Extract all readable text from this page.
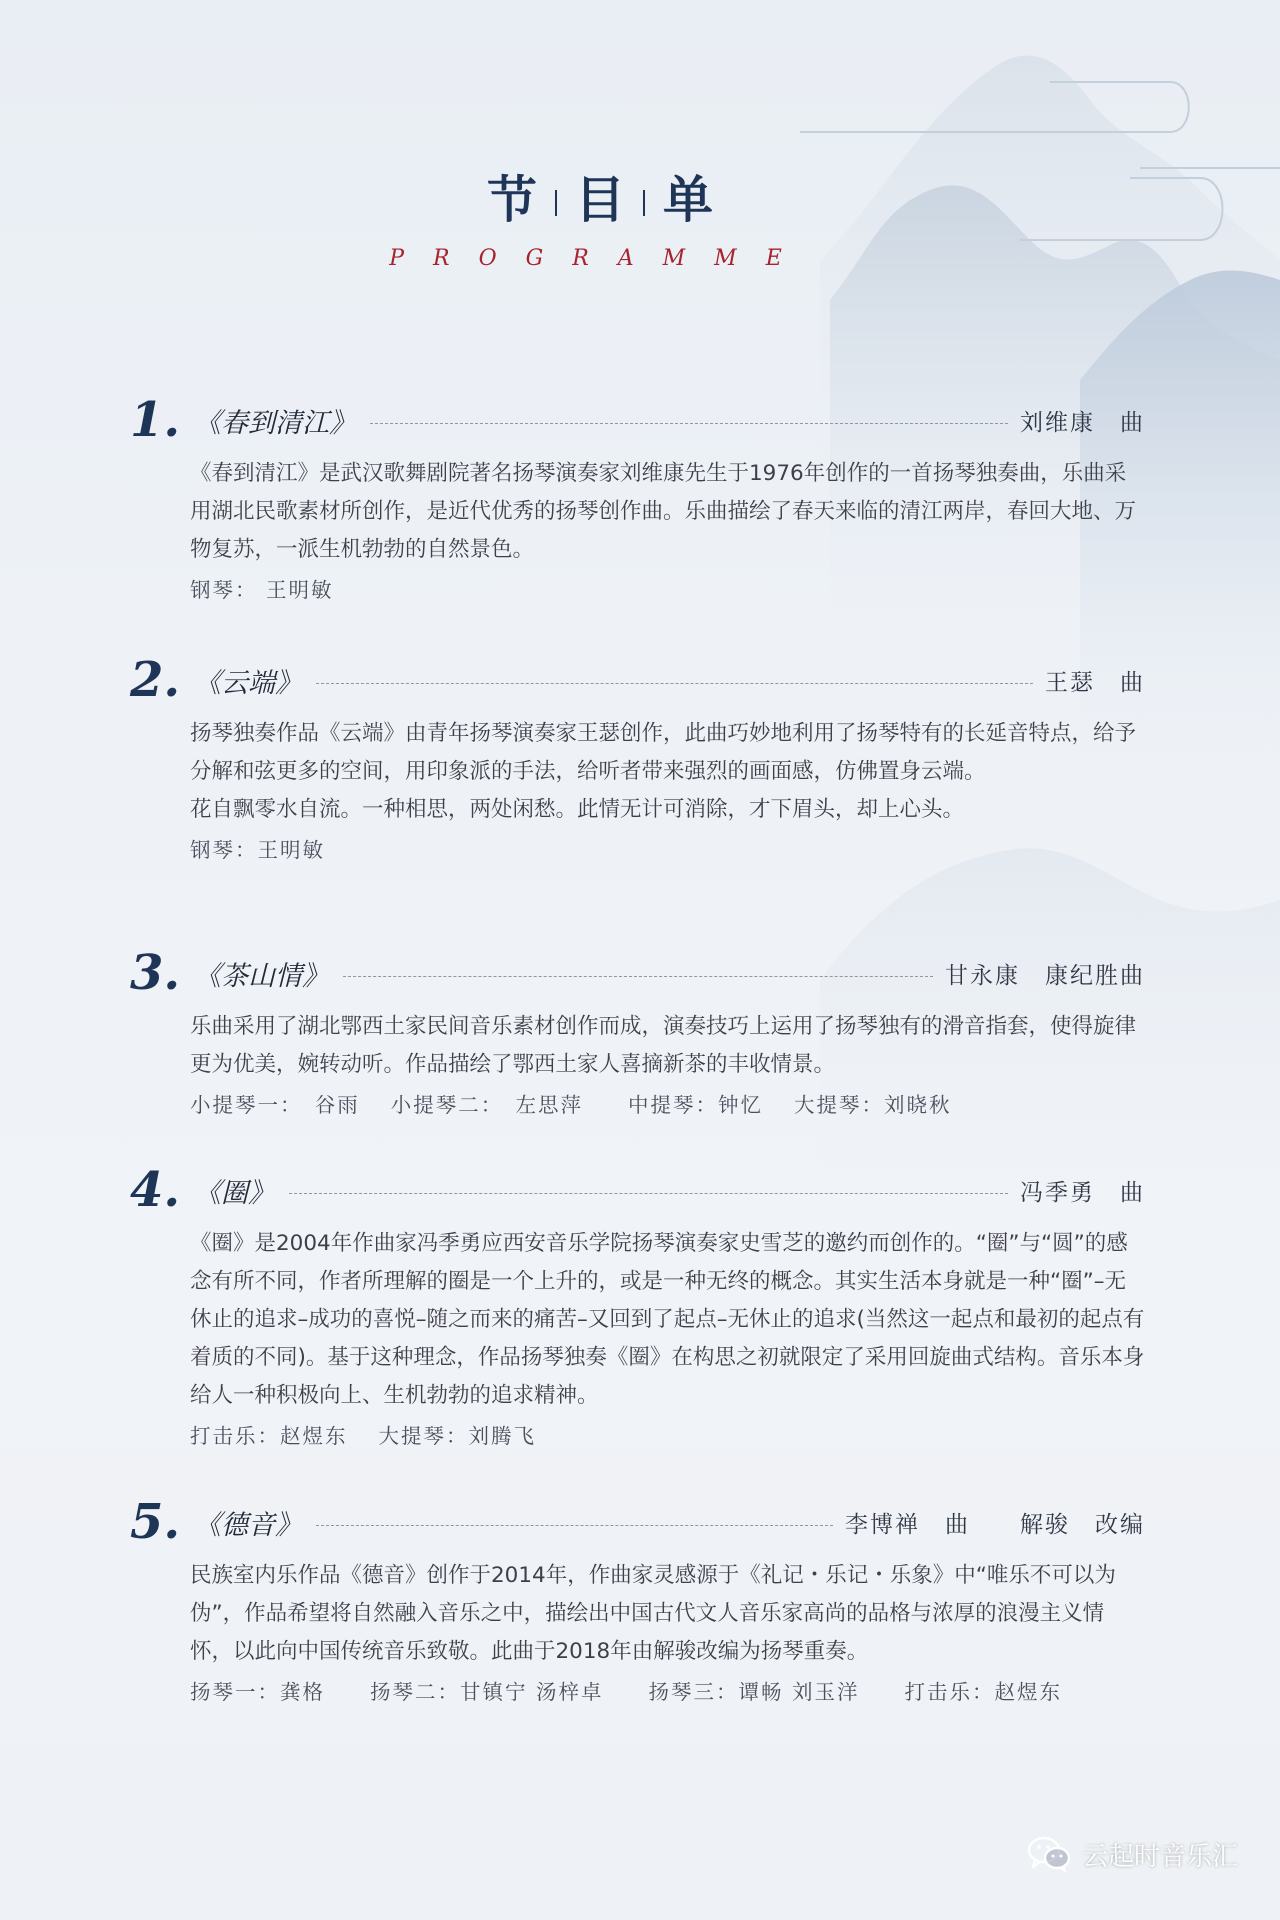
节 目 单
PROGRAMME
1. 《春到清江》	刘维康　曲

《春到清江》是武汉歌舞剧院著名扬琴演奏家刘维康先生于1976年创作的一首扬琴独奏曲，乐曲采用湖北民歌素材所创作，是近代优秀的扬琴创作曲。乐曲描绘了春天来临的清江两岸，春回大地、万物复苏，一派生机勃勃的自然景色。

钢琴： 王明敏
2. 《云端》	王瑟　曲

扬琴独奏作品《云端》由青年扬琴演奏家王瑟创作，此曲巧妙地利用了扬琴特有的长延音特点，给予分解和弦更多的空间，用印象派的手法，给听者带来强烈的画面感，仿佛置身云端。

花自飘零水自流。一种相思，两处闲愁。此情无计可消除，才下眉头，却上心头。

钢琴：王明敏
3. 《茶山情》	甘永康　康纪胜曲

乐曲采用了湖北鄂西土家民间音乐素材创作而成，演奏技巧上运用了扬琴独有的滑音指套，使得旋律更为优美，婉转动听。作品描绘了鄂西土家人喜摘新茶的丰收情景。

小提琴一：　谷雨　 小提琴二：　左思萍　　中提琴：钟忆　 大提琴：刘晓秋
4. 《圈》	冯季勇　曲

《圈》是2004年作曲家冯季勇应西安音乐学院扬琴演奏家史雪芝的邀约而创作的。“圈”与“圆”的感念有所不同，作者所理解的圈是一个上升的，或是一种无终的概念。其实生活本身就是一种“圈”–无休止的追求–成功的喜悦–随之而来的痛苦–又回到了起点–无休止的追求(当然这一起点和最初的起点有着质的不同)。基于这种理念，作品扬琴独奏《圈》在构思之初就限定了采用回旋曲式结构。音乐本身给人一种积极向上、生机勃勃的追求精神。

打击乐：赵煜东　 大提琴：刘腾飞
5. 《德音》	李博禅　曲　　解骏　改编

民族室内乐作品《德音》创作于2014年，作曲家灵感源于《礼记・乐记・乐象》中“唯乐不可以为伪”，作品希望将自然融入音乐之中，描绘出中国古代文人音乐家高尚的品格与浓厚的浪漫主义情怀，以此向中国传统音乐致敬。此曲于2018年由解骏改编为扬琴重奏。

扬琴一：龚格　　扬琴二：甘镇宁 汤梓卓　　扬琴三：谭畅 刘玉洋　　打击乐：赵煜东
云起时音乐汇
